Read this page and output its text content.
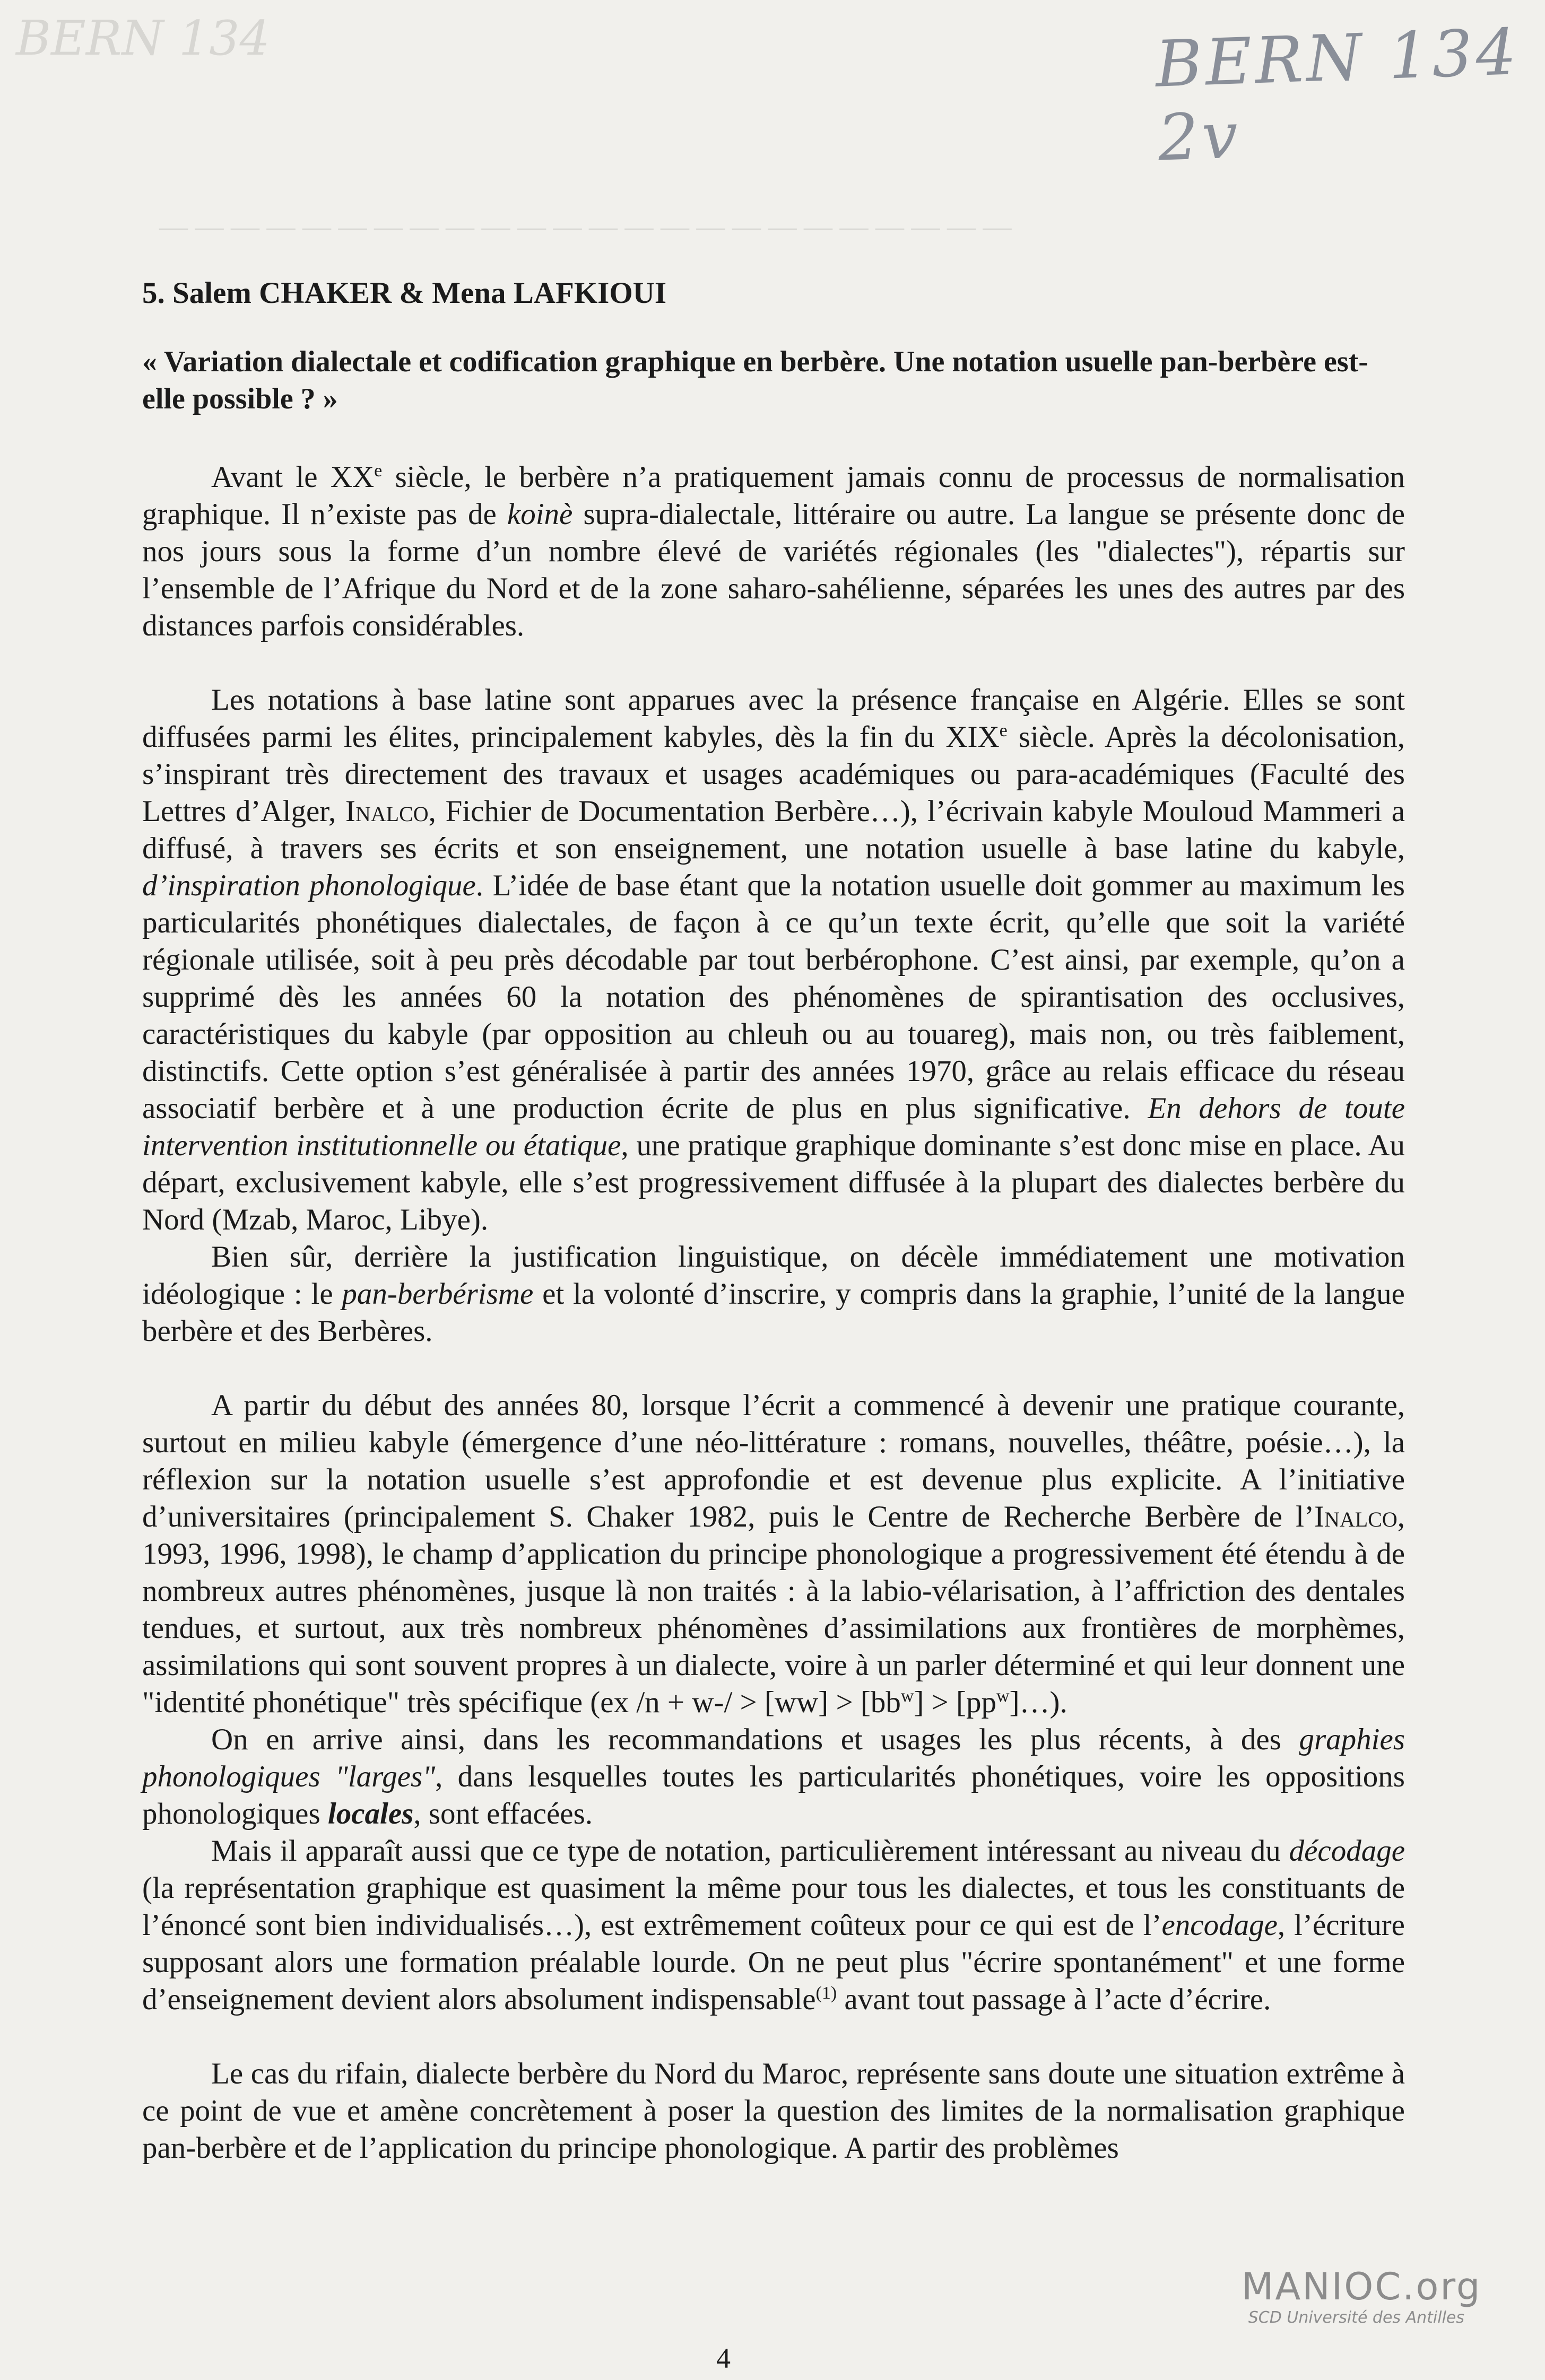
— — — — — — — — — — — — — — — — — — — — — — — —
BERN 134	BERN 134 2v
5. Salem CHAKER & Mena LAFKIOUI
« Variation dialectale et codification graphique en berbère. Une notation usuelle pan-berbère est-elle possible ? »

Avant le XXe siècle, le berbère n’a pratiquement jamais connu de processus de normalisation graphique. Il n’existe pas de koinè supra-dialectale, littéraire ou autre. La langue se présente donc de nos jours sous la forme d’un nombre élevé de variétés régionales (les "dialectes"), répartis sur l’ensemble de l’Afrique du Nord et de la zone saharo-sahélienne, séparées les unes des autres par des distances parfois considérables.

Les notations à base latine sont apparues avec la présence française en Algérie. Elles se sont diffusées parmi les élites, principalement kabyles, dès la fin du XIXe siècle. Après la décolonisation, s’inspirant très directement des travaux et usages académiques ou para-académiques (Faculté des Lettres d’Alger, Inalco, Fichier de Documentation Berbère…), l’écrivain kabyle Mouloud Mammeri a diffusé, à travers ses écrits et son enseignement, une notation usuelle à base latine du kabyle, d’inspiration phonologique. L’idée de base étant que la notation usuelle doit gommer au maximum les particularités phonétiques dialectales, de façon à ce qu’un texte écrit, qu’elle que soit la variété régionale utilisée, soit à peu près décodable par tout berbérophone. C’est ainsi, par exemple, qu’on a supprimé dès les années 60 la notation des phénomènes de spirantisation des occlusives, caractéristiques du kabyle (par opposition au chleuh ou au touareg), mais non, ou très faiblement, distinctifs. Cette option s’est généralisée à partir des années 1970, grâce au relais efficace du réseau associatif berbère et à une production écrite de plus en plus significative. En dehors de toute intervention institutionnelle ou étatique, une pratique graphique dominante s’est donc mise en place. Au départ, exclusivement kabyle, elle s’est progressivement diffusée à la plupart des dialectes berbère du Nord (Mzab, Maroc, Libye).

Bien sûr, derrière la justification linguistique, on décèle immédiatement une motivation idéologique : le pan-berbérisme et la volonté d’inscrire, y compris dans la graphie, l’unité de la langue berbère et des Berbères.

A partir du début des années 80, lorsque l’écrit a commencé à devenir une pratique courante, surtout en milieu kabyle (émergence d’une néo-littérature : romans, nouvelles, théâtre, poésie…), la réflexion sur la notation usuelle s’est approfondie et est devenue plus explicite. A l’initiative d’universitaires (principalement S. Chaker 1982, puis le Centre de Recherche Berbère de l’Inalco, 1993, 1996, 1998), le champ d’application du principe phonologique a progressivement été étendu à de nombreux autres phénomènes, jusque là non traités : à la labio-vélarisation, à l’affriction des dentales tendues, et surtout, aux très nombreux phénomènes d’assimilations aux frontières de morphèmes, assimilations qui sont souvent propres à un dialecte, voire à un parler déterminé et qui leur donnent une "identité phonétique" très spécifique (ex $/n + w-/ > [ww] > [bb^w]$ > $[pp^w]\dots$).

On en arrive ainsi, dans les recommandations et usages les plus récents, à des graphies phonologiques "larges", dans lesquelles toutes les particularités phonétiques, voire les oppositions phonologiques locales, sont effacées.

Mais il apparaît aussi que ce type de notation, particulièrement intéressant au niveau du décodage (la représentation graphique est quasiment la même pour tous les dialectes, et tous les constituants de l’énoncé sont bien individualisés…), est extrêmement coûteux pour ce qui est de l’encodage, l’écriture supposant alors une formation préalable lourde. On ne peut plus "écrire spontanément" et une forme d’enseignement devient alors absolument indispensable$^{(1)}$ avant tout passage à l’acte d’écrire.

Le cas du rifain, dialecte berbère du Nord du Maroc, représente sans doute une situation extrême à ce point de vue et amène concrètement à poser la question des limites de la normalisation graphique pan-berbère et de l’application du principe phonologique. A partir des problèmes

MANIOC.org
SCD Université des Antilles
4
